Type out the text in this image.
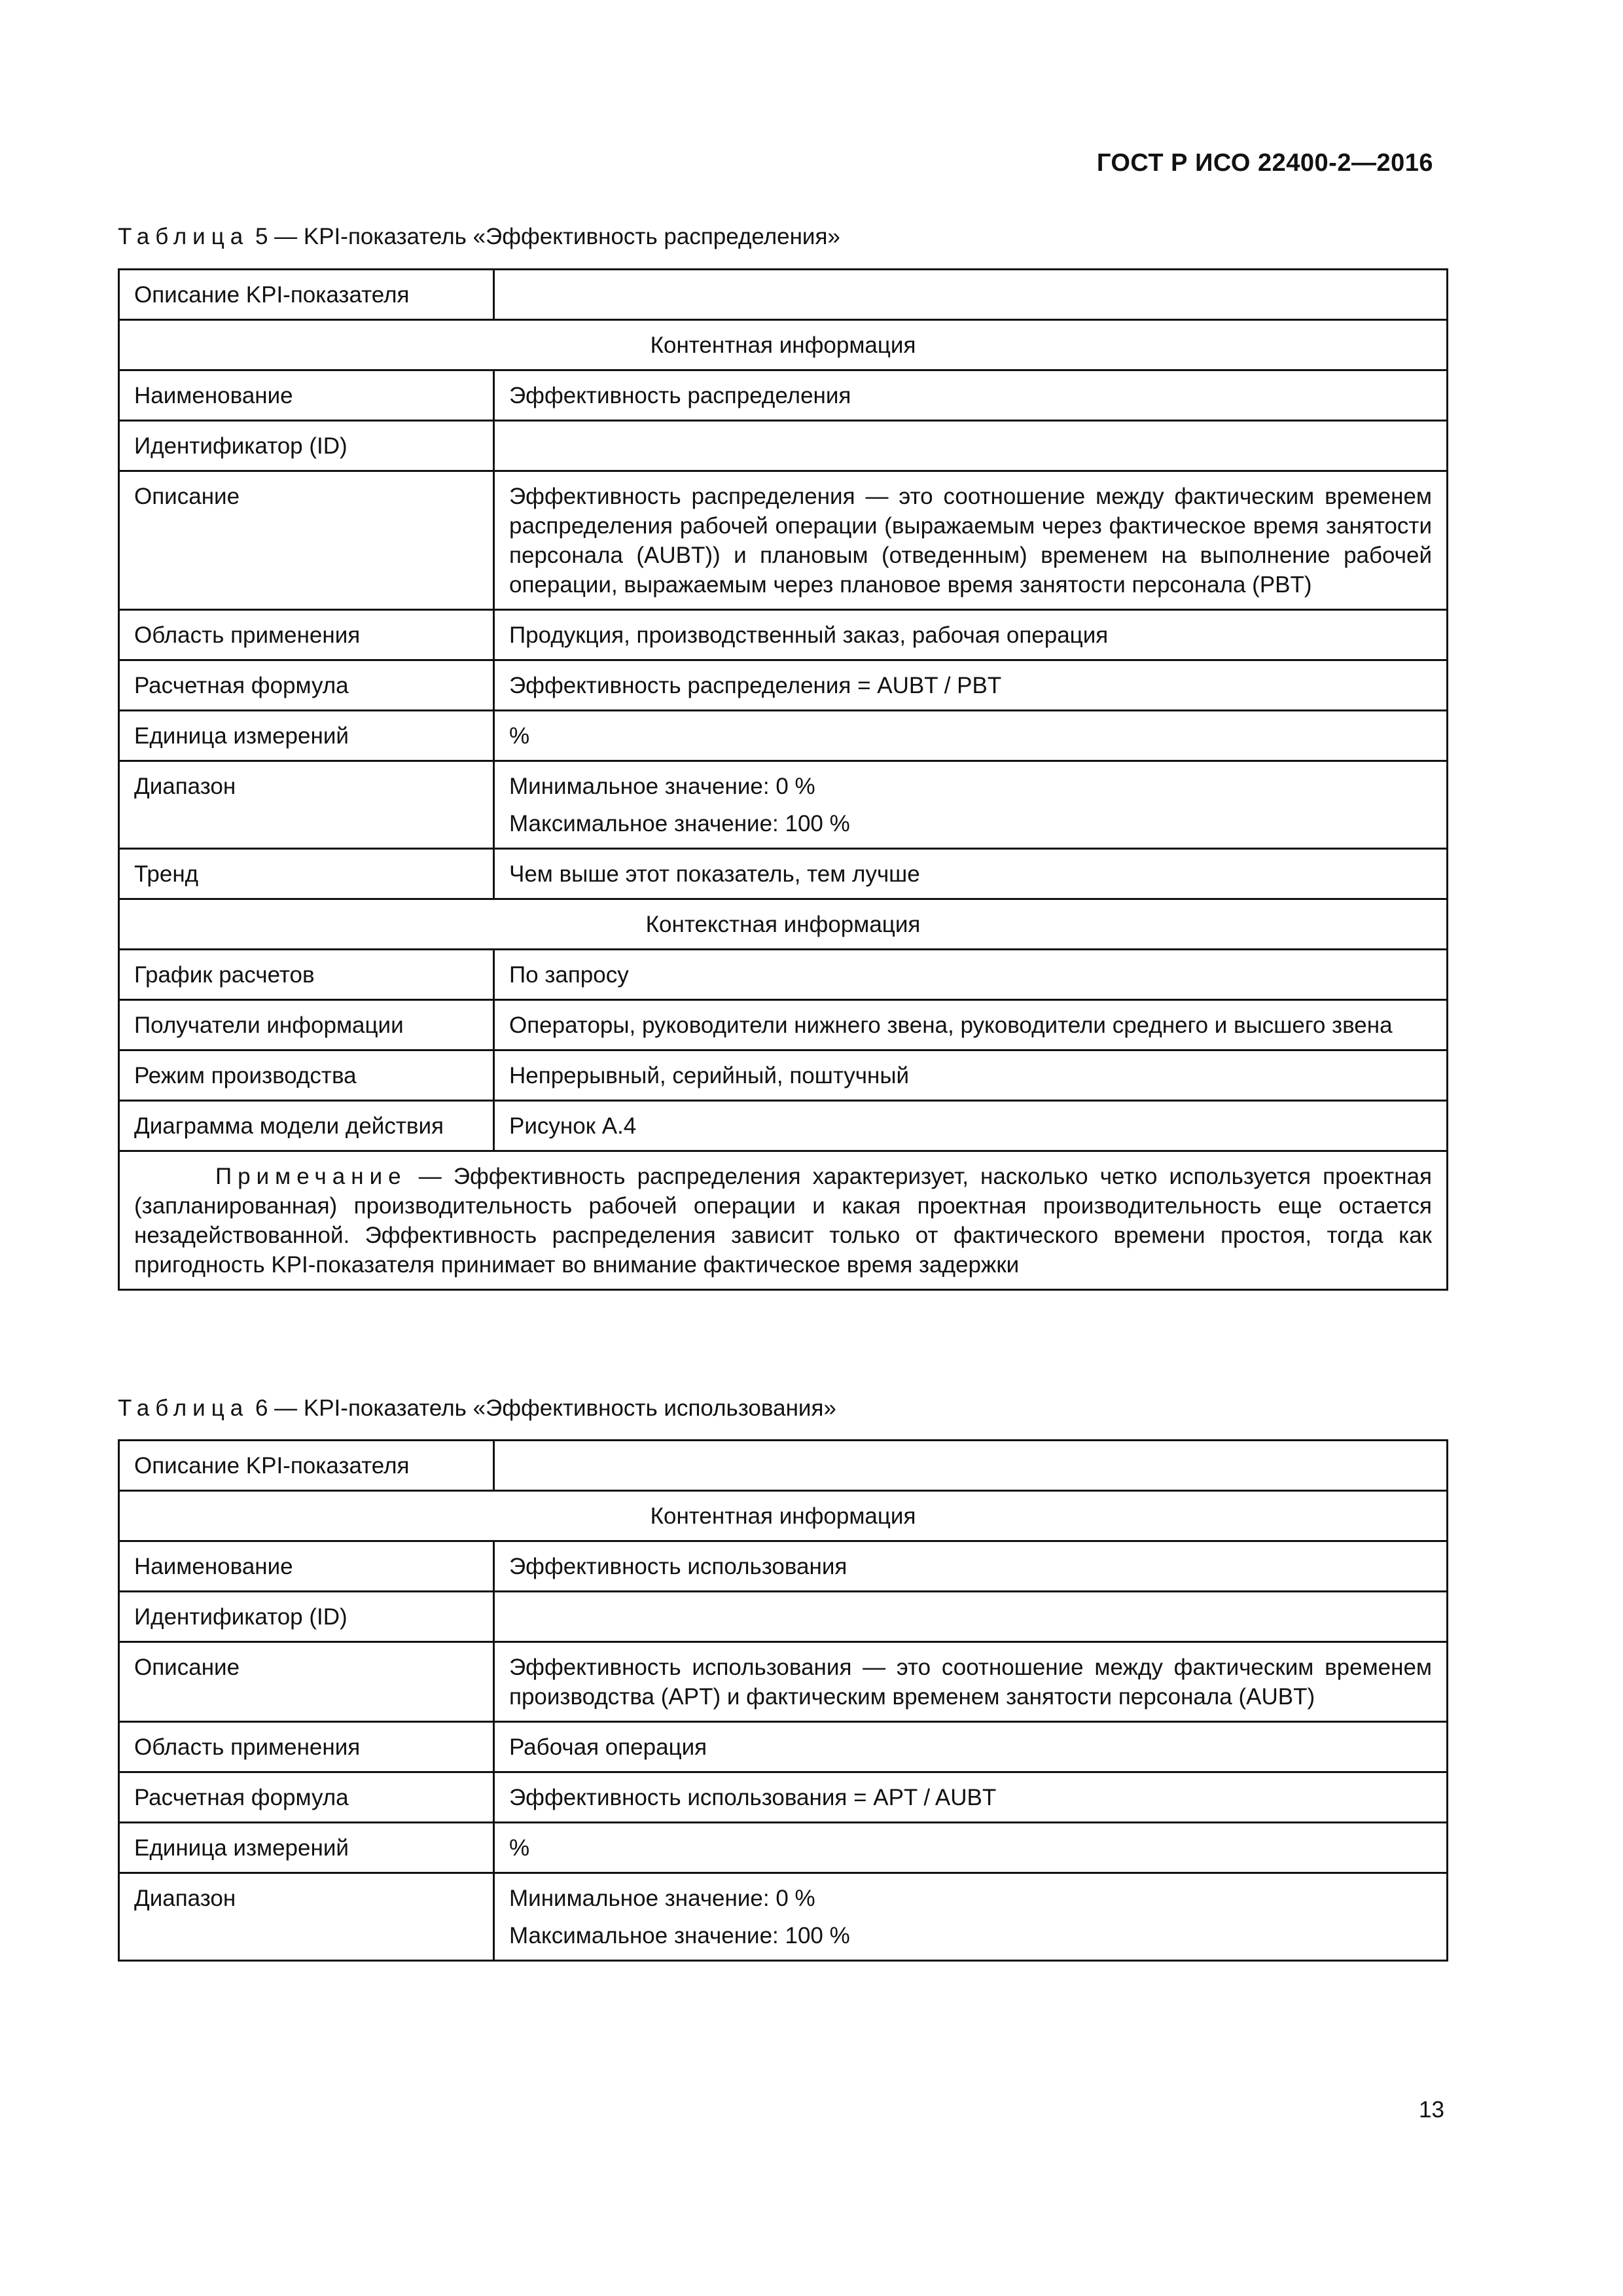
ГОСТ Р ИСО 22400-2—2016
Таблица 5 — KPI-показатель «Эффективность распределения»
Описание KPI-показателя	
Контентная информация	
Наименование	Эффективность распределения
Идентификатор (ID)	
Описание	Эффективность распределения — это соотношение между фактическим временем распределения рабочей операции (выражаемым через фактическое время занятости персонала (AUBT)) и плановым (отведенным) временем на выполнение рабочей операции, выражаемым через плановое время занятости персонала (PBT)
Область применения	Продукция, производственный заказ, рабочая операция
Расчетная формула	Эффективность распределения = AUBT / PBT
Единица измерений	%
Диапазон	Минимальное значение: 0 %
Максимальное значение: 100 %

Тренд	Чем выше этот показатель, тем лучше
Контекстная информация	
График расчетов	По запросу
Получатели информации	Операторы, руководители нижнего звена, руководители среднего и высшего звена
Режим производства	Непрерывный, серийный, поштучный
Диаграмма модели действия	Рисунок А.4
Примечание — Эффективность распределения характеризует, насколько четко используется проектная (запланированная) производительность рабочей операции и какая проектная производительность еще остается незадействованной. Эффективность распределения зависит только от фактического времени простоя, тогда как пригодность KPI-показателя принимает во внимание фактическое время задержки	
Таблица 6 — KPI-показатель «Эффективность использования»
Описание KPI-показателя	
Контентная информация	
Наименование	Эффективность использования
Идентификатор (ID)	
Описание	Эффективность использования — это соотношение между фактическим временем производства (APT) и фактическим временем занятости персонала (AUBT)
Область применения	Рабочая операция
Расчетная формула	Эффективность использования = APT / AUBT
Единица измерений	%
Диапазон	Минимальное значение: 0 %
Максимальное значение: 100 %
13
